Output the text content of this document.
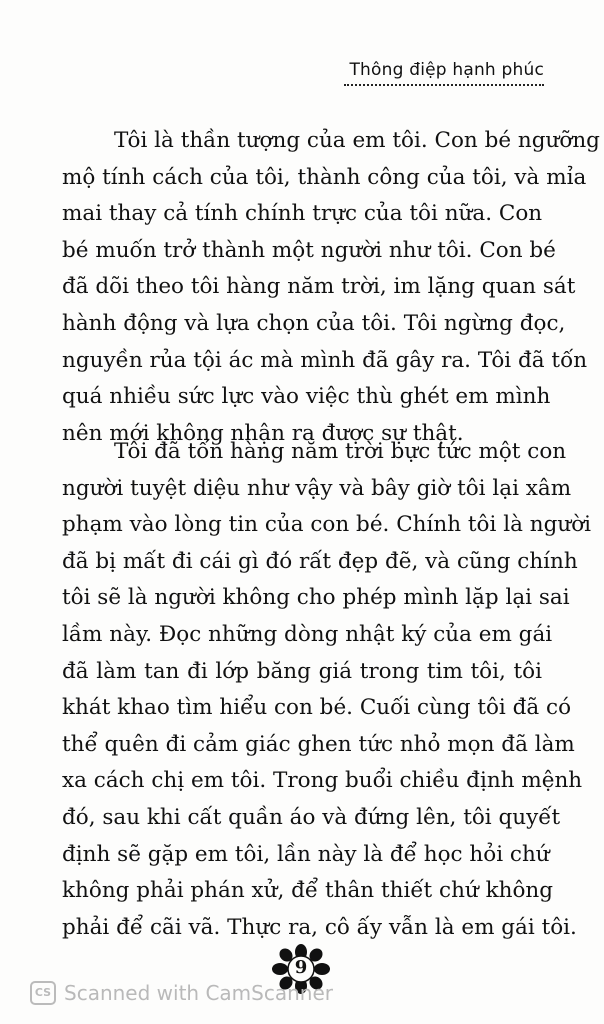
Thông điệp hạnh phúc
Tôi là thần tượng của em tôi. Con bé ngưỡng
mộ tính cách của tôi, thành công của tôi, và mỉa
mai thay cả tính chính trực của tôi nữa. Con
bé muốn trở thành một người như tôi. Con bé
đã dõi theo tôi hàng năm trời, im lặng quan sát
hành động và lựa chọn của tôi. Tôi ngừng đọc,
nguyền rủa tội ác mà mình đã gây ra. Tôi đã tốn
quá nhiều sức lực vào việc thù ghét em mình
nên mới không nhận ra được sự thật.
Tôi đã tốn hàng năm trời bực tức một con
người tuyệt diệu như vậy và bây giờ tôi lại xâm
phạm vào lòng tin của con bé. Chính tôi là người
đã bị mất đi cái gì đó rất đẹp đẽ, và cũng chính
tôi sẽ là người không cho phép mình lặp lại sai
lầm này. Đọc những dòng nhật ký của em gái
đã làm tan đi lớp băng giá trong tim tôi, tôi
khát khao tìm hiểu con bé. Cuối cùng tôi đã có
thể quên đi cảm giác ghen tức nhỏ mọn đã làm
xa cách chị em tôi. Trong buổi chiều định mệnh
đó, sau khi cất quần áo và đứng lên, tôi quyết
định sẽ gặp em tôi, lần này là để học hỏi chứ
không phải phán xử, để thân thiết chứ không
phải để cãi vã. Thực ra, cô ấy vẫn là em gái tôi.
9
CS Scanned with CamScanner
